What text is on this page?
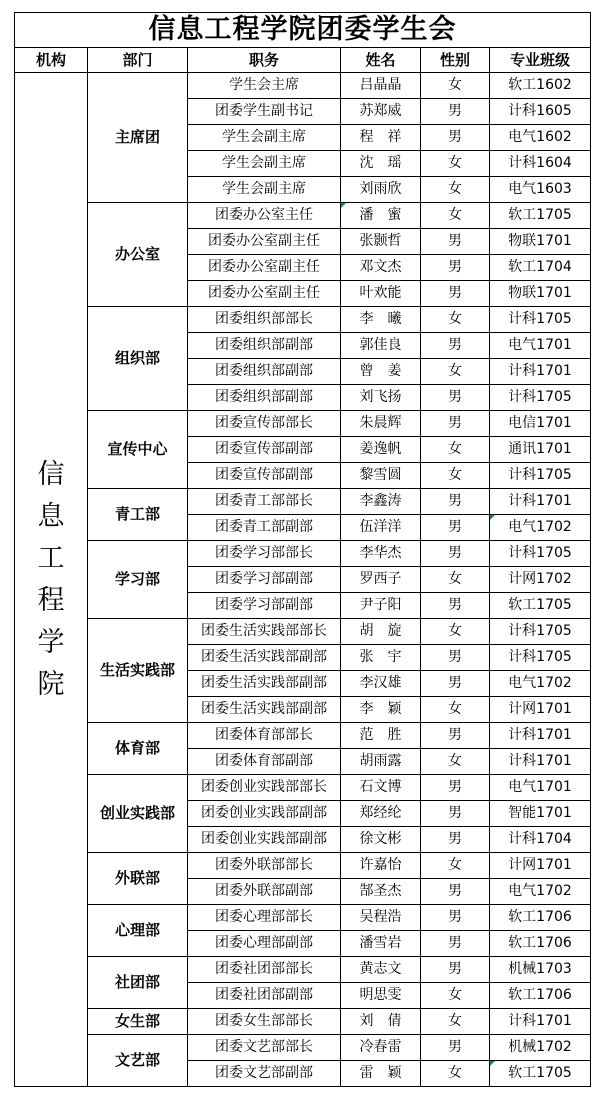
信息工程学院团委学生会					
机构	部门	职务	姓名	性别	专业班级

信息工程学院	主席团	学生会主席	吕晶晶	女	软工1602
		团委学生副书记	苏郑威	男	计科1605
		学生会副主席	程　祥	男	电气1602
		学生会副主席	沈　瑶	女	计科1604
		学生会副主席	刘雨欣	女	电气1603
	办公室	团委办公室主任	潘　蜜	女	软工1705
		团委办公室副主任	张颢哲	男	物联1701
		团委办公室副主任	邓文杰	男	软工1704
		团委办公室副主任	叶欢能	男	物联1701
	组织部	团委组织部部长	李　曦	女	计科1705
		团委组织部副部	郭佳良	男	电气1701
		团委组织部副部	曾　姜	女	计科1701
		团委组织部副部	刘飞扬	男	计科1705
	宣传中心	团委宣传部部长	朱晨辉	男	电信1701
		团委宣传部副部	姜逸帆	女	通讯1701
		团委宣传部副部	黎雪圆	女	计科1705
	青工部	团委青工部部长	李鑫涛	男	计科1701
		团委青工部副部	伍洋洋	男	电气1702
	学习部	团委学习部部长	李华杰	男	计科1705
		团委学习部副部	罗西子	女	计网1702
		团委学习部副部	尹子阳	男	软工1705
	生活实践部	团委生活实践部部长	胡　旋	女	计科1705
		团委生活实践部副部	张　宇	男	计科1705
		团委生活实践部副部	李汉雄	男	电气1702
		团委生活实践部副部	李　颖	女	计网1701
	体育部	团委体育部部长	范　胜	男	计科1701
		团委体育部副部	胡雨露	女	计科1701
	创业实践部	团委创业实践部部长	石文博	男	电气1701
		团委创业实践部副部	郑经纶	男	智能1701
		团委创业实践部副部	徐文彬	男	计科1704
	外联部	团委外联部部长	许嘉怡	女	计网1701
		团委外联部副部	郜圣杰	男	电气1702
	心理部	团委心理部部长	吴程浩	男	软工1706
		团委心理部副部	潘雪岩	男	软工1706
	社团部	团委社团部部长	黄志文	男	机械1703
		团委社团部副部	明思雯	女	软工1706
	女生部	团委女生部部长	刘　倩	女	计科1701
	文艺部	团委文艺部部长	冷春雷	男	机械1702
		团委文艺部副部	雷　颖	女	软工1705
